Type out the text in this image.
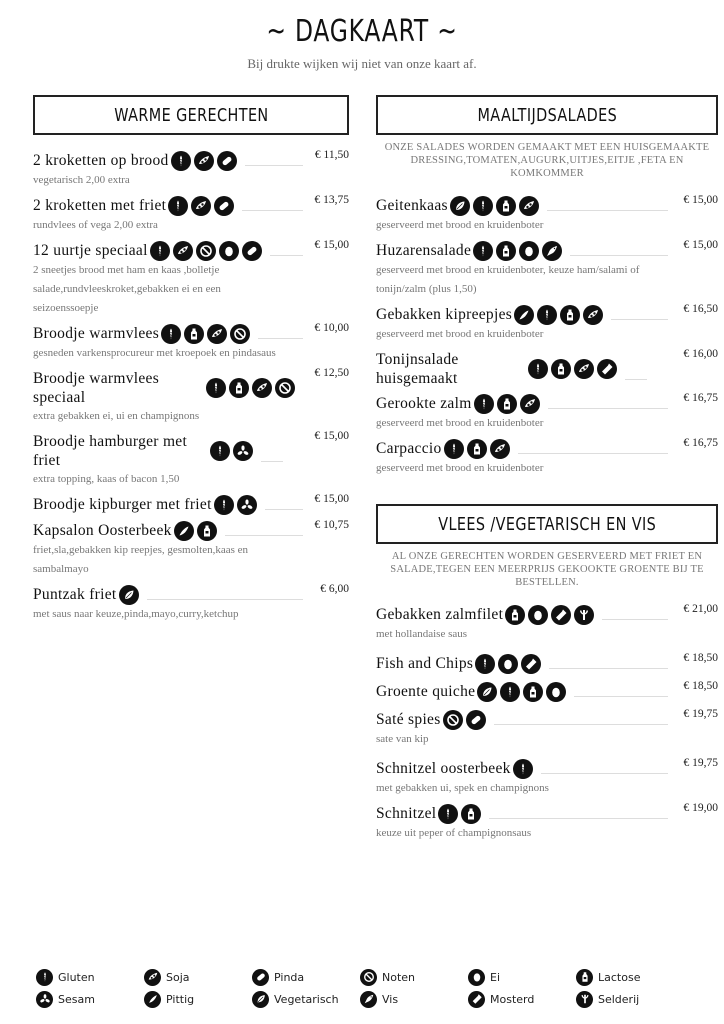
~ DAGKAART ~
Bij drukte wijken wij niet van onze kaart af.
WARME GERECHTEN
2 kroketten op brood	€ 11,50
vegetarisch 2,00 extra
2 kroketten met friet	€ 13,75
rundvlees of vega 2,00 extra
12 uurtje speciaal	€ 15,00
2 sneetjes brood met ham en kaas ,bolletje salade,rundvleeskroket,gebakken ei en een seizoenssoepje
Broodje warmvlees	€ 10,00
gesneden varkensprocureur met kroepoek en pindasaus
Broodje warmvlees speciaal
€ 12,50
extra gebakken ei, ui en champignons
Broodje hamburger met friet
€ 15,00
extra topping, kaas of bacon 1,50
Broodje kipburger met friet	€ 15,00
Kapsalon Oosterbeek	€ 10,75
friet,sla,gebakken kip reepjes, gesmolten,kaas en sambalmayo
Puntzak friet	€ 6,00
met saus naar keuze,pinda,mayo,curry,ketchup
MAALTIJDSALADES
ONZE SALADES WORDEN GEMAAKT MET EEN HUISGEMAAKTE DRESSING,TOMATEN,AUGURK,UITJES,EITJE ,FETA EN KOMKOMMER
Geitenkaas	€ 15,00
geserveerd met brood en kruidenboter
Huzarensalade	€ 15,00
geserveerd met brood en kruidenboter, keuze ham/salami of tonijn/zalm (plus 1,50)
Gebakken kipreepjes	€ 16,50
geserveerd met brood en kruidenboter
Tonijnsalade huisgemaakt
€ 16,00
Gerookte zalm	€ 16,75
geserveerd met brood en kruidenboter
Carpaccio	€ 16,75
geserveerd met brood en kruidenboter
VLEES /VEGETARISCH EN VIS
AL ONZE GERECHTEN WORDEN GESERVEERD MET FRIET EN SALADE,TEGEN EEN MEERPRIJS GEKOOKTE GROENTE BIJ TE BESTELLEN.
Gebakken zalmfilet	€ 21,00
met hollandaise saus
Fish and Chips	€ 18,50
Groente quiche	€ 18,50
Saté spies	€ 19,75
sate van kip
Schnitzel oosterbeek	€ 19,75
met gebakken ui, spek en champignons
Schnitzel	€ 19,00
keuze uit peper of champignonsaus
Gluten	Soja	Pinda	Noten	Ei	Lactose
Sesam	Pittig	Vegetarisch	Vis	Mosterd	Selderij
